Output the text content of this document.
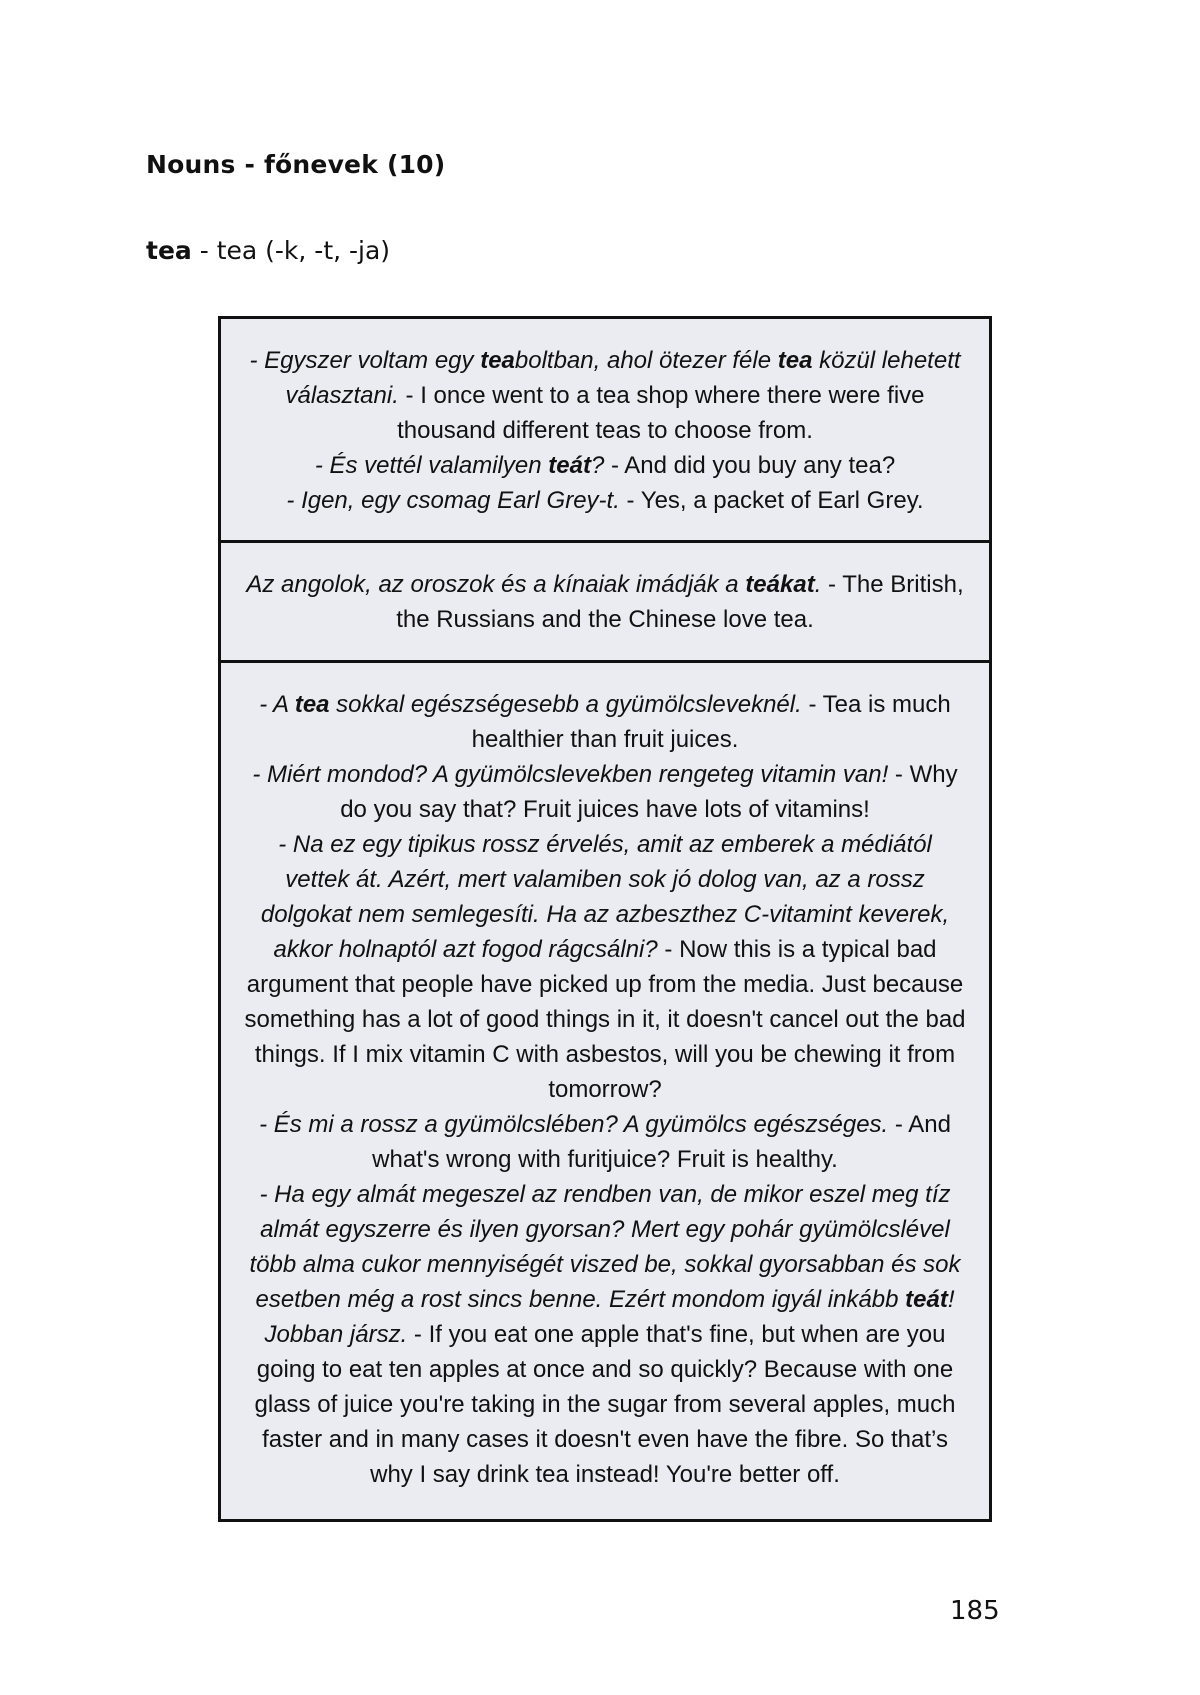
Nouns - főnevek (10)
tea - tea (-k, -t, -ja)
- Egyszer voltam egy teaboltban, ahol ötezer féle tea közül lehetett választani. - I once went to a tea shop where there were five thousand different teas to choose from.
- És vettél valamilyen teát? - And did you buy any tea?
- Igen, egy csomag Earl Grey-t. - Yes, a packet of Earl Grey.
Az angolok, az oroszok és a kínaiak imádják a teákat. - The British, the Russians and the Chinese love tea.
- A tea sokkal egészségesebb a gyümölcsleveknél. - Tea is much healthier than fruit juices.
- Miért mondod? A gyümölcslevekben rengeteg vitamin van! - Why do you say that? Fruit juices have lots of vitamins!
- Na ez egy tipikus rossz érvelés, amit az emberek a médiától vettek át. Azért, mert valamiben sok jó dolog van, az a rossz dolgokat nem semlegesíti. Ha az azbeszthez C-vitamint keverek, akkor holnaptól azt fogod rágcsálni? - Now this is a typical bad argument that people have picked up from the media. Just because something has a lot of good things in it, it doesn't cancel out the bad things. If I mix vitamin C with asbestos, will you be chewing it from tomorrow?
- És mi a rossz a gyümölcslében? A gyümölcs egészséges. - And what's wrong with furitjuice? Fruit is healthy.
- Ha egy almát megeszel az rendben van, de mikor eszel meg tíz almát egyszerre és ilyen gyorsan? Mert egy pohár gyümölcslével több alma cukor mennyiségét viszed be, sokkal gyorsabban és sok esetben még a rost sincs benne. Ezért mondom igyál inkább teát! Jobban jársz. - If you eat one apple that's fine, but when are you going to eat ten apples at once and so quickly? Because with one glass of juice you're taking in the sugar from several apples, much faster and in many cases it doesn't even have the fibre. So that’s why I say drink tea instead! You're better off.
185
